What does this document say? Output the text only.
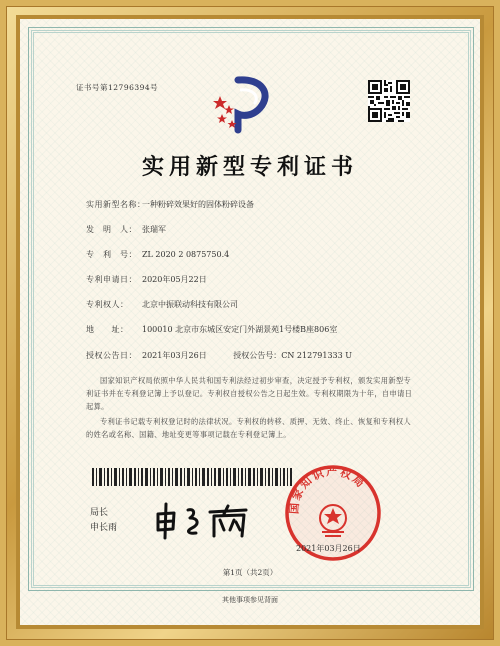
证书号第12796394号
实用新型专利证书
实用新型名称：一种粉碎效果好的固体粉碎设备
发　明　人： 张瑞军
专　利　号： ZL 2020 2 0875750.4
专利申请日： 2020年05月22日
专利权人： 北京中振联动科技有限公司
地　　址： 100010 北京市东城区安定门外湖景苑1号楼B座806室
授权公告日： 2021年03月26日	授权公告号：CN 212791333 U
国家知识产权局依照中华人民共和国专利法经过初步审查，决定授予专利权，颁发实用新型专利证书并在专利登记簿上予以登记。专利权自授权公告之日起生效。专利权期限为十年，自申请日起算。
专利证书记载专利权登记时的法律状况。专利权的转移、质押、无效、终止、恢复和专利权人的姓名或名称、国籍、地址变更等事项记载在专利登记簿上。
局长
申长雨
国家知识产权局
2021年03月26日
第1页（共2页）
其他事项参见背面
